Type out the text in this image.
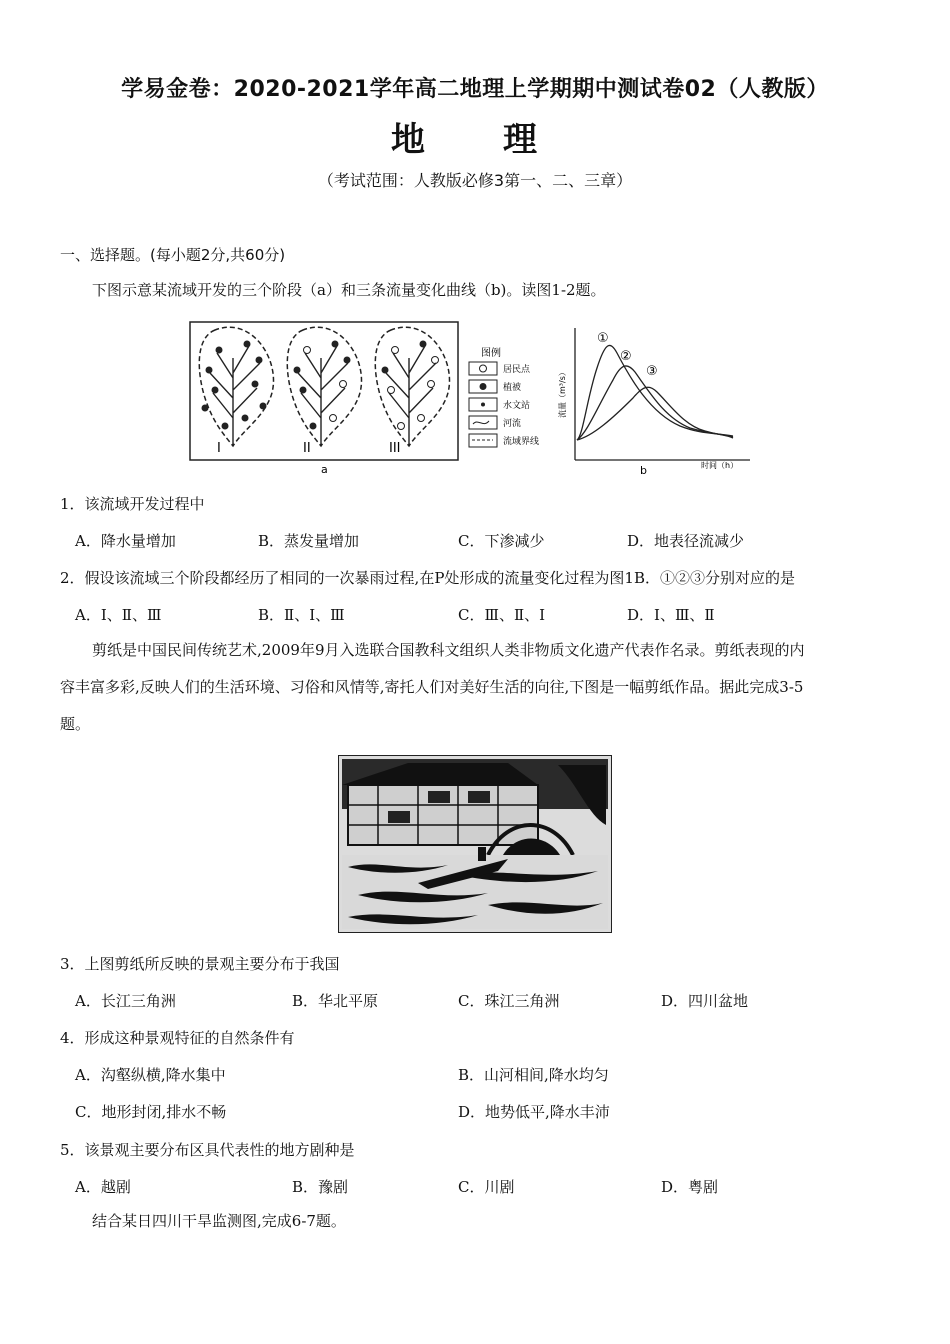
学易金卷：2020-2021学年高二地理上学期期中测试卷02（人教版）
地　理
（考试范围：人教版必修3第一、二、三章）
一、选择题。(每小题2分,共60分)
下图示意某流域开发的三个阶段（a）和三条流量变化曲线（b)。读图1-2题。
I	II	III
a
图例
居民点
植被
水文站
河流
流域界线
流量（m³/s）
时间（h）
b
①
②
③
1．该流域开发过程中
A．降水量增加	B．蒸发量增加	C．下渗减少	D．地表径流减少
2．假设该流域三个阶段都经历了相同的一次暴雨过程,在P处形成的流量变化过程为图1B．①②③分别对应的是
A．Ⅰ、Ⅱ、Ⅲ	B．Ⅱ、Ⅰ、Ⅲ	C．Ⅲ、Ⅱ、Ⅰ	D．Ⅰ、Ⅲ、Ⅱ
剪纸是中国民间传统艺术,2009年9月入选联合国教科文组织人类非物质文化遗产代表作名录。剪纸表现的内
容丰富多彩,反映人们的生活环境、习俗和风情等,寄托人们对美好生活的向往,下图是一幅剪纸作品。据此完成3-5
题。
3．上图剪纸所反映的景观主要分布于我国
A．长江三角洲	B．华北平原	C．珠江三角洲	D．四川盆地
4．形成这种景观特征的自然条件有
A．沟壑纵横,降水集中	B．山河相间,降水均匀
C．地形封闭,排水不畅	D．地势低平,降水丰沛
5．该景观主要分布区具代表性的地方剧种是
A．越剧	B．豫剧	C．川剧	D．粤剧
结合某日四川干旱监测图,完成6-7题。
